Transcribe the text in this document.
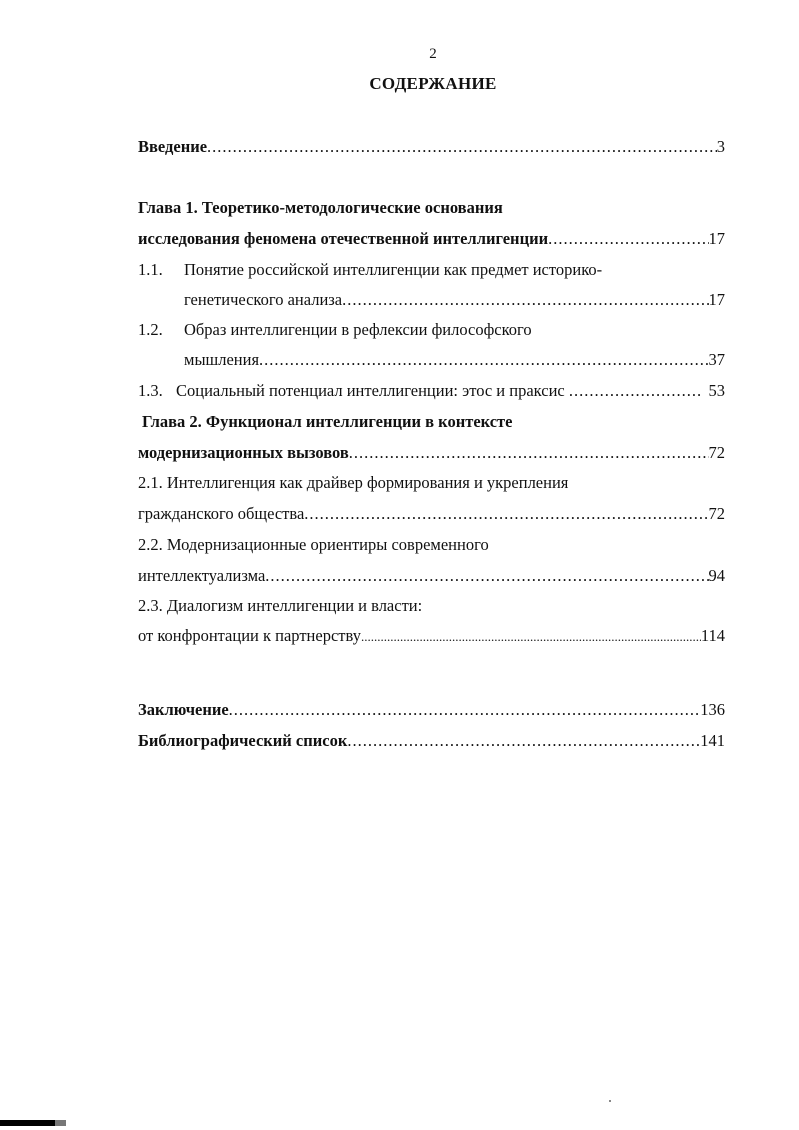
2
СОДЕРЖАНИЕ
Введение .....	3
Глава 1. Теоретико-методологические основания
исследования феномена отечественной интеллигенции .....	17
1.1. Понятие российской интеллигенции как предмет историко-
генетического анализа .....	17
1.2. Образ интеллигенции в рефлексии философского
мышления .....	37
1.3. Социальный потенциал интеллигенции: этос и праксис .....	53
Глава 2. Функционал интеллигенции в контексте
модернизационных вызовов .....	72
2.1. Интеллигенция как драйвер формирования и укрепления
гражданского общества .....	72
2.2. Модернизационные ориентиры современного
интеллектуализма .....	94
2.3. Диалогизм интеллигенции и власти:
от конфронтации к партнерству .....	114
Заключение .....	136
Библиографический список .....	141
